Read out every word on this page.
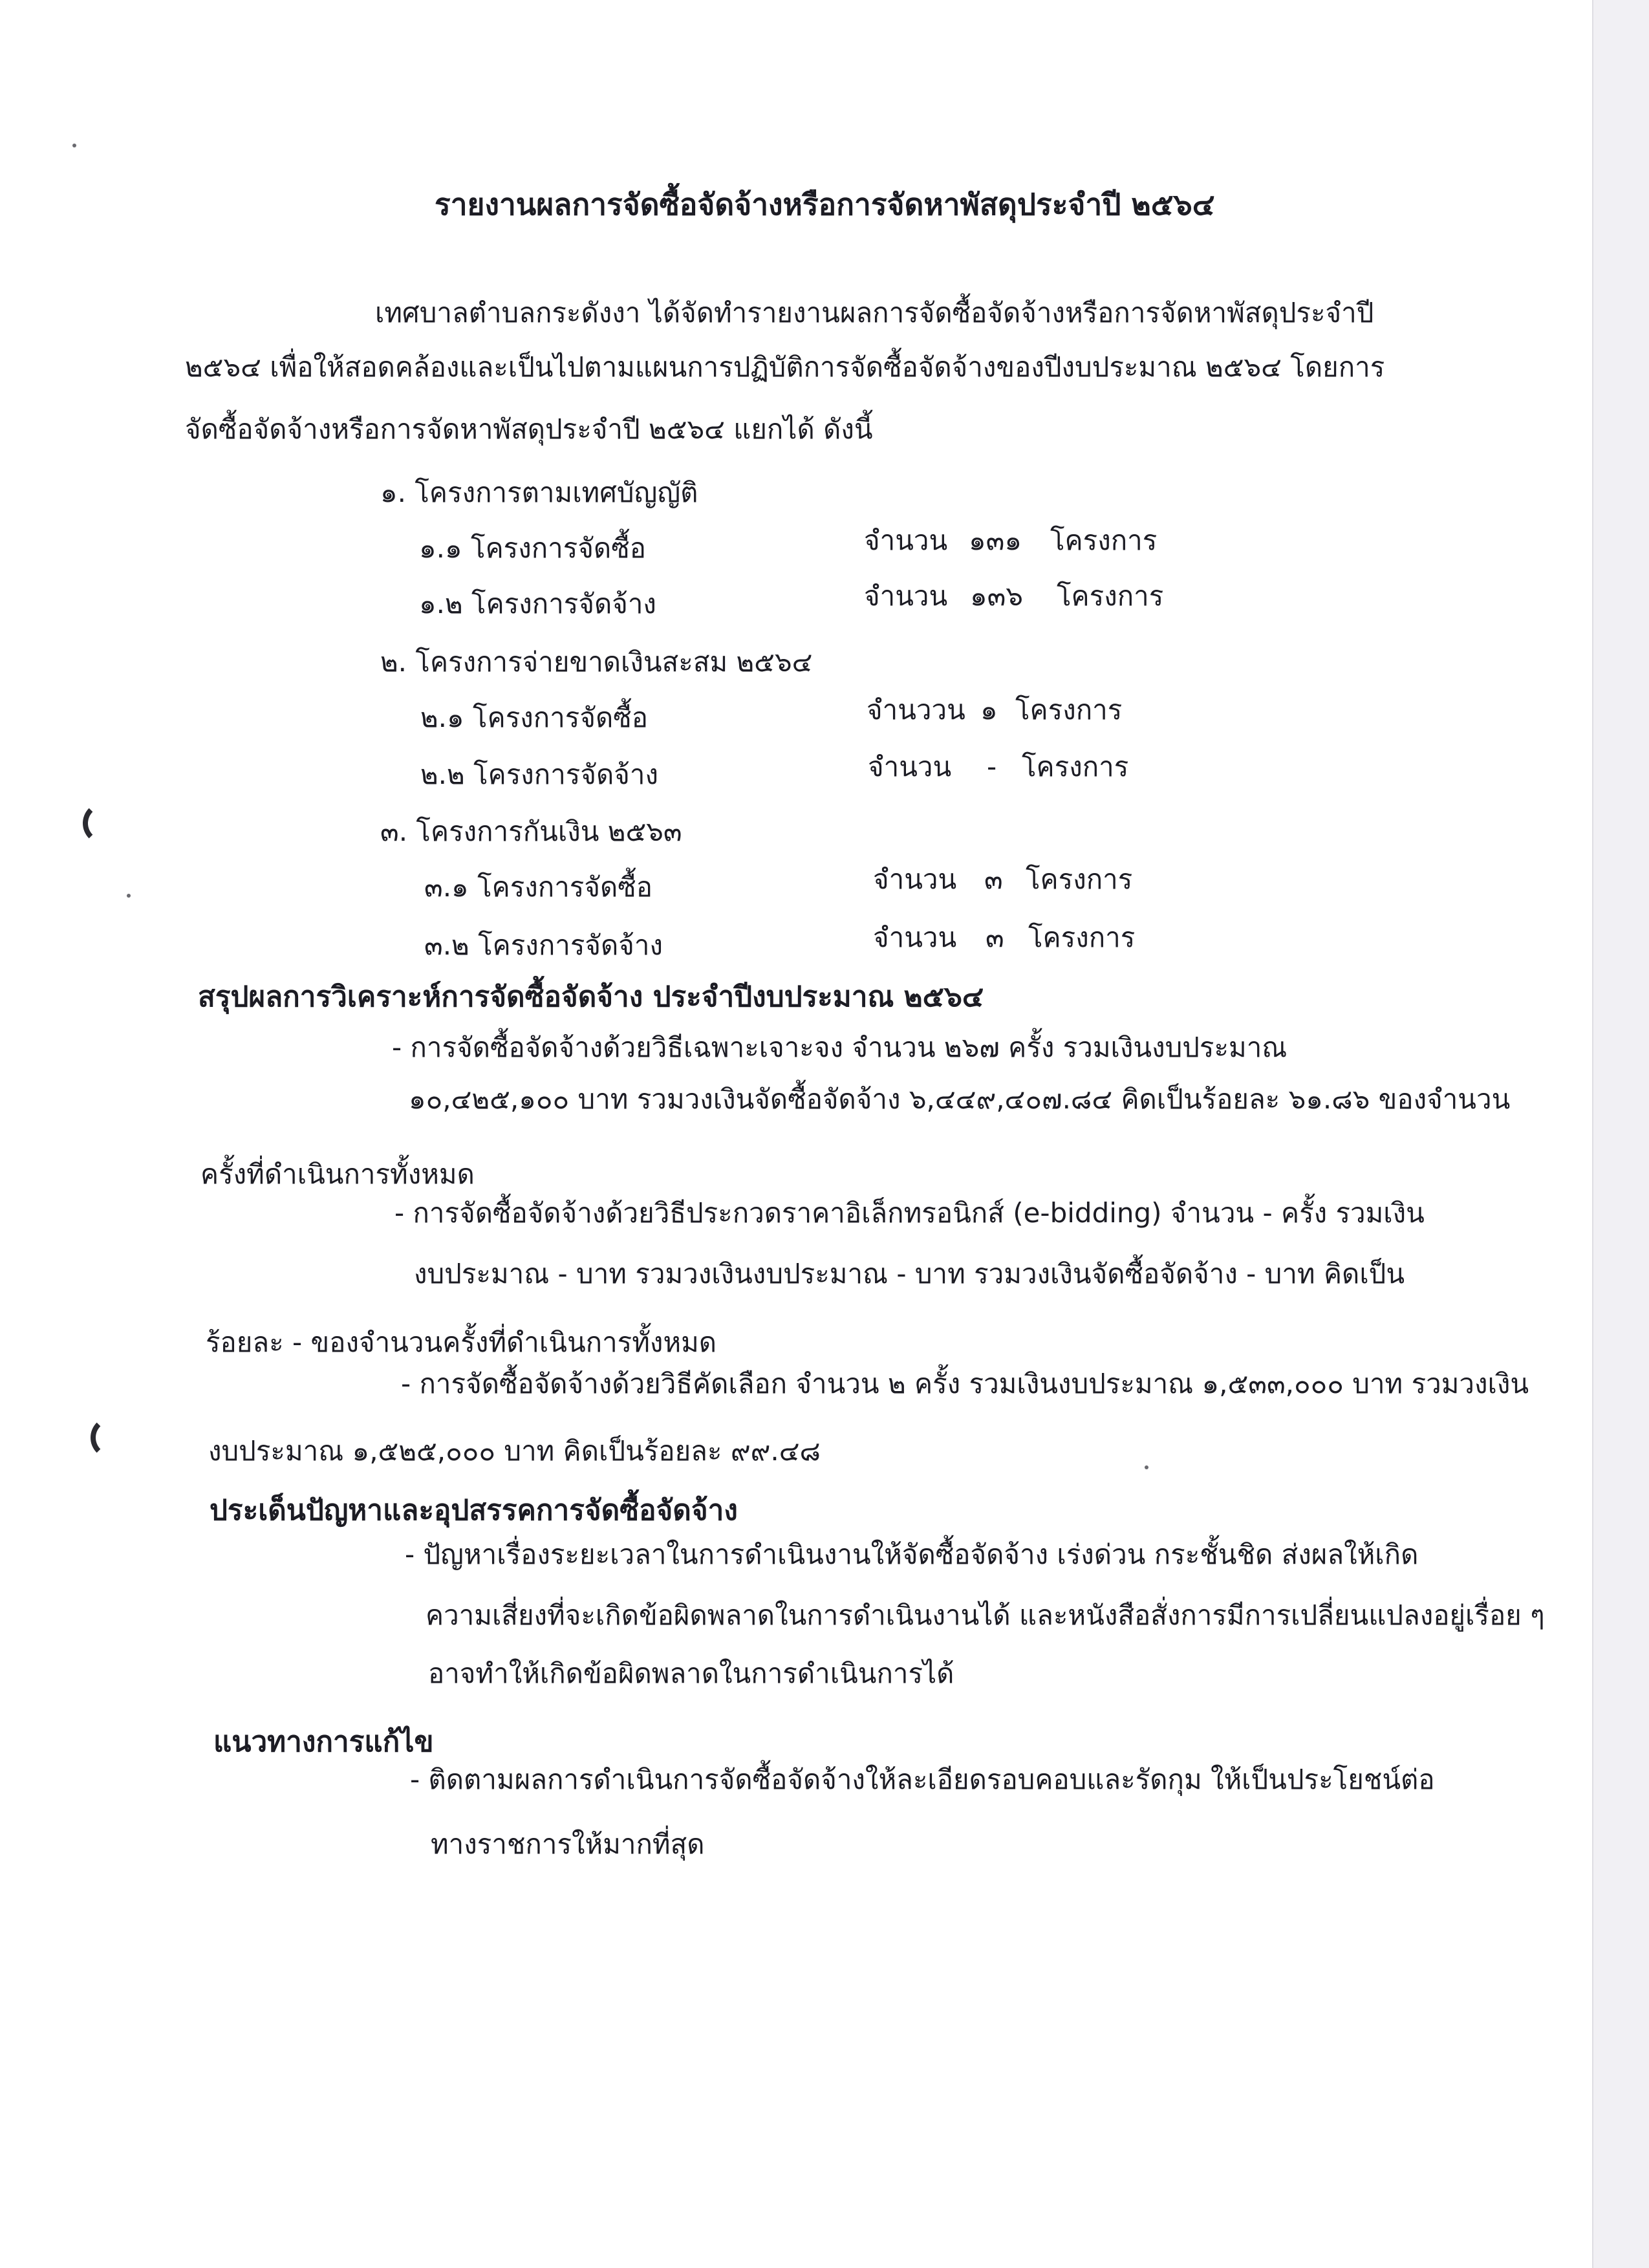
รายงานผลการจัดซื้อจัดจ้างหรือการจัดหาพัสดุประจำปี ๒๕๖๔
เทศบาลตำบลกระดังงา ได้จัดทำรายงานผลการจัดซื้อจัดจ้างหรือการจัดหาพัสดุประจำปี
๒๕๖๔ เพื่อให้สอดคล้องและเป็นไปตามแผนการปฏิบัติการจัดซื้อจัดจ้างของปีงบประมาณ ๒๕๖๔ โดยการ
จัดซื้อจัดจ้างหรือการจัดหาพัสดุประจำปี ๒๕๖๔ แยกได้ ดังนี้
๑. โครงการตามเทศบัญญัติ
๑.๑ โครงการจัดซื้อ	จำนวน ๑๓๑ โครงการ
๑.๒ โครงการจัดจ้าง	จำนวน ๑๓๖ โครงการ
๒. โครงการจ่ายขาดเงินสะสม ๒๕๖๔
๒.๑ โครงการจัดซื้อ	จำนววน ๑ โครงการ
๒.๒ โครงการจัดจ้าง	จำนวน - โครงการ
๓. โครงการกันเงิน ๒๕๖๓
๓.๑ โครงการจัดซื้อ	จำนวน ๓ โครงการ
๓.๒ โครงการจัดจ้าง	จำนวน ๓ โครงการ
สรุปผลการวิเคราะห์การจัดซื้อจัดจ้าง ประจำปีงบประมาณ ๒๕๖๔
- การจัดซื้อจัดจ้างด้วยวิธีเฉพาะเจาะจง จำนวน ๒๖๗ ครั้ง รวมเงินงบประมาณ
๑๐,๔๒๕,๑๐๐ บาท รวมวงเงินจัดซื้อจัดจ้าง ๖,๔๔๙,๔๐๗.๘๔ คิดเป็นร้อยละ ๖๑.๘๖ ของจำนวน
ครั้งที่ดำเนินการทั้งหมด
- การจัดซื้อจัดจ้างด้วยวิธีประกวดราคาอิเล็กทรอนิกส์ (e-bidding) จำนวน - ครั้ง รวมเงิน
งบประมาณ - บาท รวมวงเงินงบประมาณ - บาท รวมวงเงินจัดซื้อจัดจ้าง - บาท คิดเป็น
ร้อยละ - ของจำนวนครั้งที่ดำเนินการทั้งหมด
- การจัดซื้อจัดจ้างด้วยวิธีคัดเลือก จำนวน ๒ ครั้ง รวมเงินงบประมาณ ๑,๕๓๓,๐๐๐ บาท รวมวงเงิน
งบประมาณ ๑,๕๒๕,๐๐๐ บาท คิดเป็นร้อยละ ๙๙.๔๘
ประเด็นปัญหาและอุปสรรคการจัดซื้อจัดจ้าง
- ปัญหาเรื่องระยะเวลาในการดำเนินงานให้จัดซื้อจัดจ้าง เร่งด่วน กระชั้นชิด ส่งผลให้เกิด
ความเสี่ยงที่จะเกิดข้อผิดพลาดในการดำเนินงานได้ และหนังสือสั่งการมีการเปลี่ยนแปลงอยู่เรื่อย ๆ
อาจทำให้เกิดข้อผิดพลาดในการดำเนินการได้
แนวทางการแก้ไข
- ติดตามผลการดำเนินการจัดซื้อจัดจ้างให้ละเอียดรอบคอบและรัดกุม ให้เป็นประโยชน์ต่อ
ทางราชการให้มากที่สุด
